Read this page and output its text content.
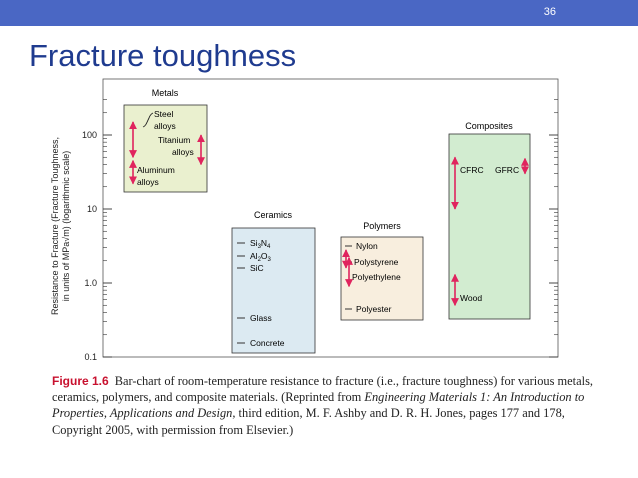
36
Fracture toughness
100
10
1.0
0.1
Resistance to Fracture (Fracture Toughness, in units of MPa√m) (logarithmic scale)
Metals
Steel
alloys
Titanium
alloys
Aluminum
alloys
Ceramics
$Si_3N_4$
$Al_2O_3$
SiC
Glass
Concrete
Polymers
Nylon
Polystyrene
Polyethylene
Polyester
Composites
CFRC GFRC
Wood

Figure 1.6 Bar-chart of room-temperature resistance to fracture (i.e., fracture toughness) for various metals, ceramics, polymers, and composite materials. (Reprinted from Engineering Materials 1: An Introduction to Properties, Applications and Design, third edition, M. F. Ashby and D. R. H. Jones, pages 177 and 178, Copyright 2005, with permission from Elsevier.)
